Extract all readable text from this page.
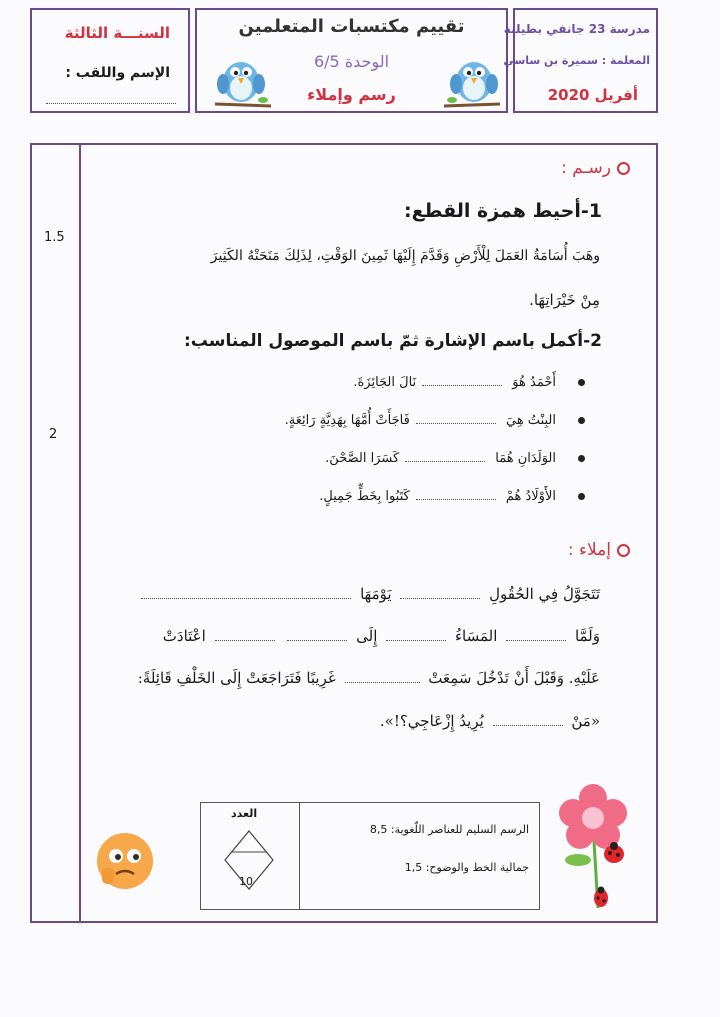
السنـــة الثالثة
الإسم واللقب :
تقييم مكتسبات المتعلمين
الوحدة 6/5
رسم وإملاء
مدرسة 23 جانفي بطيلبة
المعلمة : سميرة بن ساسي
أفريل 2020
1.5
2
رسـم :
1-أحيط همزة القطع:
وهَبَ أُسَامَةُ العَمَلَ لِلْأَرْضِ وَقَدَّمَ إِلَيْهَا ثَمِينَ الوَقْتِ، لِذَلِكَ مَنَحَتْهُ الكَثِيرَ
مِنْ خَيْرَاتِهَا.
2-أكمل باسم الإشارة ثمّ باسم الموصول المناسب:
أَحْمَدُ هُوَ نَالَ الجَائِزَةَ.
البِنْتُ هِيَ فَاجَأَتْ أُمَّهَا بِهَدِيَّةٍ رَائِعَةٍ.
الوَلَدَانِ هُمَا كَسَرَا الصَّحْنَ.
الأَوْلَادُ هُمْ كَتَبُوا بِخَطٍّ جَمِيلٍ.
إملاء :
تَتَجَوَّلُ فِي الحُقُولِ  يَوْمَهَا
وَلَمَّا  المَسَاءُ  إِلَى   اعْتَادَتْ
عَلَيْهِ. وَقَبْلَ أَنْ تَدْخُلَ سَمِعَتْ  غَرِيبًا فَتَرَاجَعَتْ إِلَى الخَلْفِ قَائِلَةً:
«مَنْ  يُرِيدُ إِزْعَاجِي؟!».
الرسم السليم للعناصر اللّغوية: 8,5
جمالية الخط والوضوح: 1,5
العدد
10
